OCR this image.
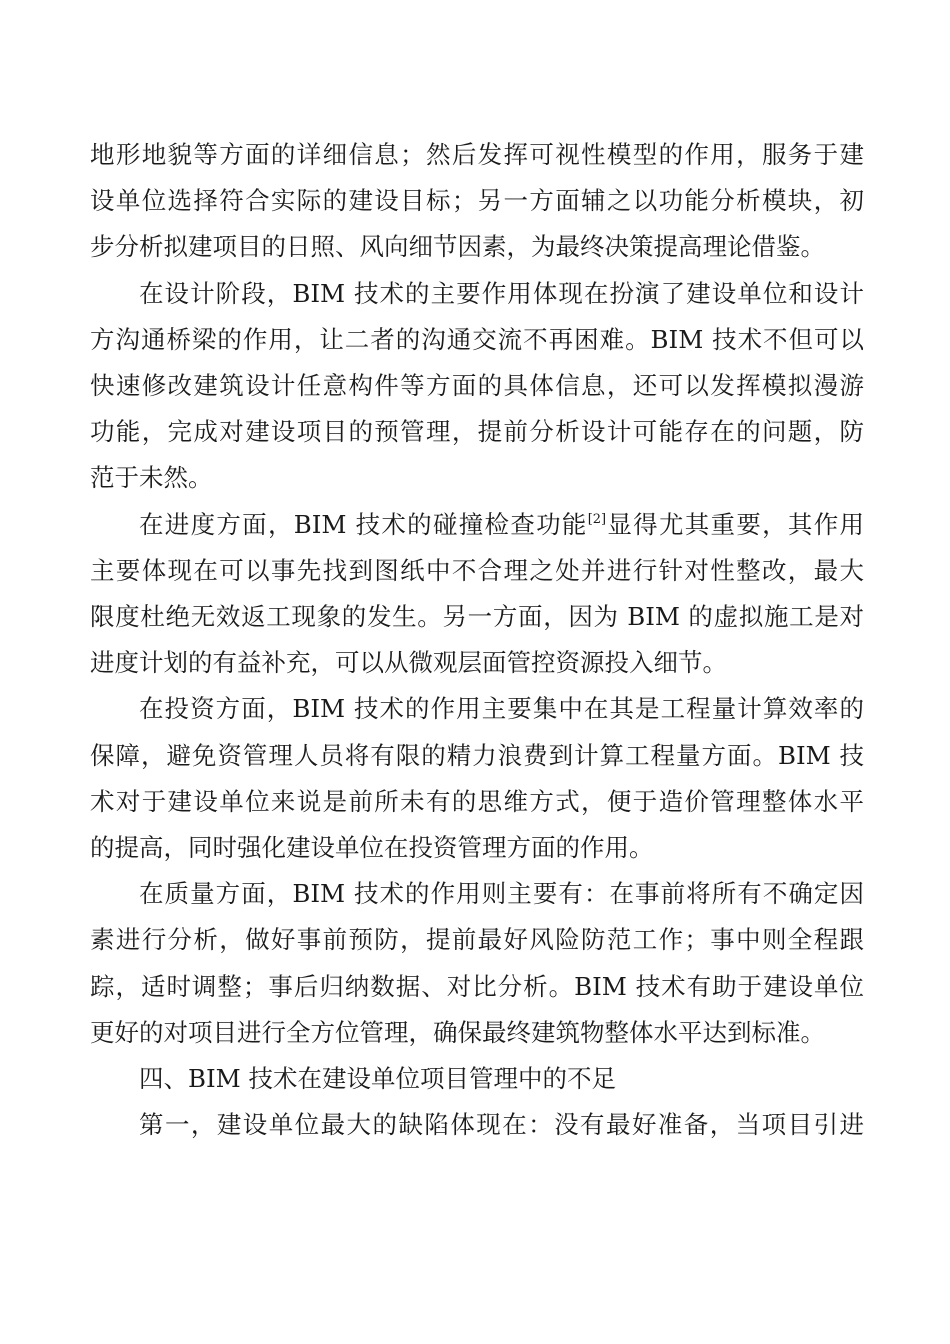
地形地貌等方面的详细信息；然后发挥可视性模型的作用，服务于建
设单位选择符合实际的建设目标；另一方面辅之以功能分析模块，初
步分析拟建项目的日照、风向细节因素，为最终决策提高理论借鉴。
在设计阶段，BIM 技术的主要作用体现在扮演了建设单位和设计
方沟通桥梁的作用，让二者的沟通交流不再困难。BIM 技术不但可以
快速修改建筑设计任意构件等方面的具体信息，还可以发挥模拟漫游
功能，完成对建设项目的预管理，提前分析设计可能存在的问题，防
范于未然。
在进度方面，BIM 技术的碰撞检查功能[2]显得尤其重要，其作用
主要体现在可以事先找到图纸中不合理之处并进行针对性整改，最大
限度杜绝无效返工现象的发生。另一方面，因为 BIM 的虚拟施工是对
进度计划的有益补充，可以从微观层面管控资源投入细节。
在投资方面，BIM 技术的作用主要集中在其是工程量计算效率的
保障，避免资管理人员将有限的精力浪费到计算工程量方面。BIM 技
术对于建设单位来说是前所未有的思维方式，便于造价管理整体水平
的提高，同时强化建设单位在投资管理方面的作用。
在质量方面，BIM 技术的作用则主要有：在事前将所有不确定因
素进行分析，做好事前预防，提前最好风险防范工作；事中则全程跟
踪，适时调整；事后归纳数据、对比分析。BIM 技术有助于建设单位
更好的对项目进行全方位管理，确保最终建筑物整体水平达到标准。
四、BIM 技术在建设单位项目管理中的不足
第一，建设单位最大的缺陷体现在：没有最好准备，当项目引进
